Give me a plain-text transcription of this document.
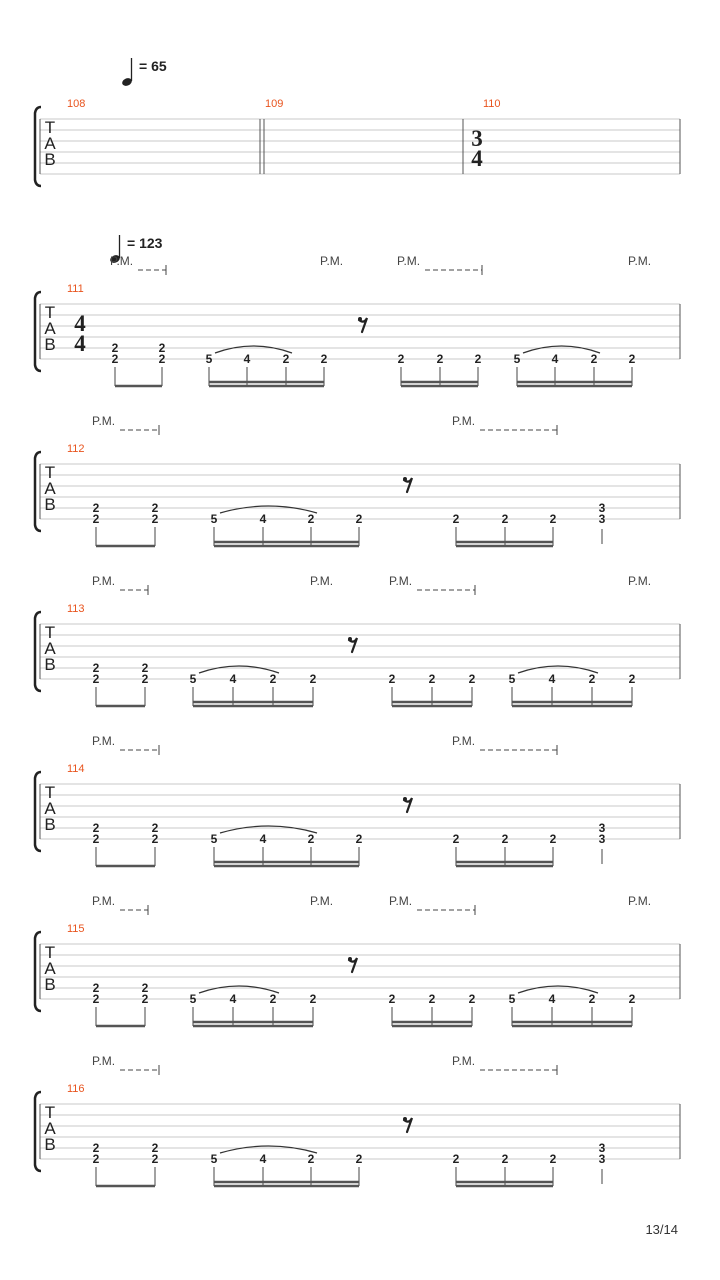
= 65
T
A
B
108	109	110
3
4
= 123
P.M.	P.M.	P.M.	P.M.
T
A
B
111
4
4 2
2
2
2	5	4	2	2	2	2	2	5	4	2	2
P.M.	P.M.
T
A
B
112
2
2
2
2	5	4	2	2	2	2	2
3
3
P.M.	P.M.	P.M.	P.M.
T
A
B
113
2
2
2
2	5	4	2	2	2	2	2	5	4	2	2
P.M.	P.M.
T
A
B
114
2
2
2
2	5	4	2	2	2	2	2
3
3
P.M.	P.M.	P.M.	P.M.
T
A
B
115
2
2
2
2	5	4	2	2	2	2	2	5	4	2	2
P.M.	P.M.
T
A
B
116
2
2
2
2	5	4	2	2	2	2	2
3
3
13/14
